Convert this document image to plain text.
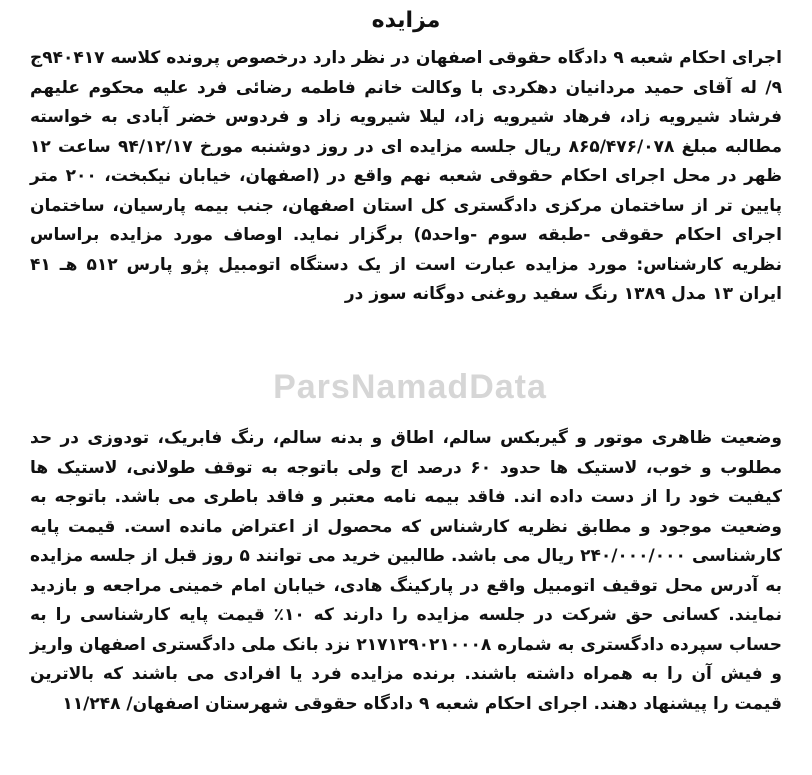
ParsNamadData
مزایده
اجرای احکام شعبه ۹ دادگاه حقوقی اصفهان در نظر دارد درخصوص پرونده کلاسه ۹۴۰۴۱۷ج ۹/ له آقای حمید مردانیان دهکردی با وکالت خانم فاطمه رضائی فرد علیه محکوم علیهم فرشاد شیرویه زاد، فرهاد شیرویه زاد، لیلا شیرویه زاد و فردوس خضر آبادی به خواسته مطالبه مبلغ ۸۶۵/۴۷۶/۰۷۸ ریال جلسه مزایده ای در روز دوشنبه مورخ ۹۴/۱۲/۱۷ ساعت ۱۲ ظهر در محل اجرای احکام حقوقی شعبه نهم واقع در (اصفهان، خیابان نیکبخت، ۲۰۰ متر پایین تر از ساختمان مرکزی دادگستری کل استان اصفهان، جنب بیمه پارسیان، ساختمان اجرای احکام حقوقی -طبقه سوم -واحد۵) برگزار نماید. اوصاف مورد مزایده براساس نظریه کارشناس: مورد مزایده عبارت است از یک دستگاه اتومبیل پژو پارس ۵۱۲ هـ ۴۱ ایران ۱۳ مدل ۱۳۸۹ رنگ سفید روغنی دوگانه سوز در
وضعیت ظاهری موتور و گیربکس سالم، اطاق و بدنه سالم، رنگ فابریک، تودوزی در حد مطلوب و خوب، لاستیک ها حدود ۶۰ درصد اج ولی باتوجه به توقف طولانی، لاستیک ها کیفیت خود را از دست داده اند. فاقد بیمه نامه معتبر و فاقد باطری می باشد. باتوجه به وضعیت موجود و مطابق نظریه کارشناس که محصول از اعتراض مانده است. قیمت پایه کارشناسی ۲۴۰/۰۰۰/۰۰۰ ریال می باشد. طالبین خرید می توانند ۵ روز قبل از جلسه مزایده به آدرس محل توقیف اتومبیل واقع در پارکینگ هادی، خیابان امام خمینی مراجعه و بازدید نمایند. کسانی حق شرکت در جلسه مزایده را دارند که ۱۰٪ قیمت پایه کارشناسی را به حساب سپرده دادگستری به شماره ۲۱۷۱۲۹۰۲۱۰۰۰۸ نزد بانک ملی دادگستری اصفهان واریز و فیش آن را به همراه داشته باشند. برنده مزایده فرد یا افرادی می باشند که بالاترین قیمت را پیشنهاد دهند. اجرای احکام شعبه ۹ دادگاه حقوقی شهرستان اصفهان/ ۱۱/۲۴۸
